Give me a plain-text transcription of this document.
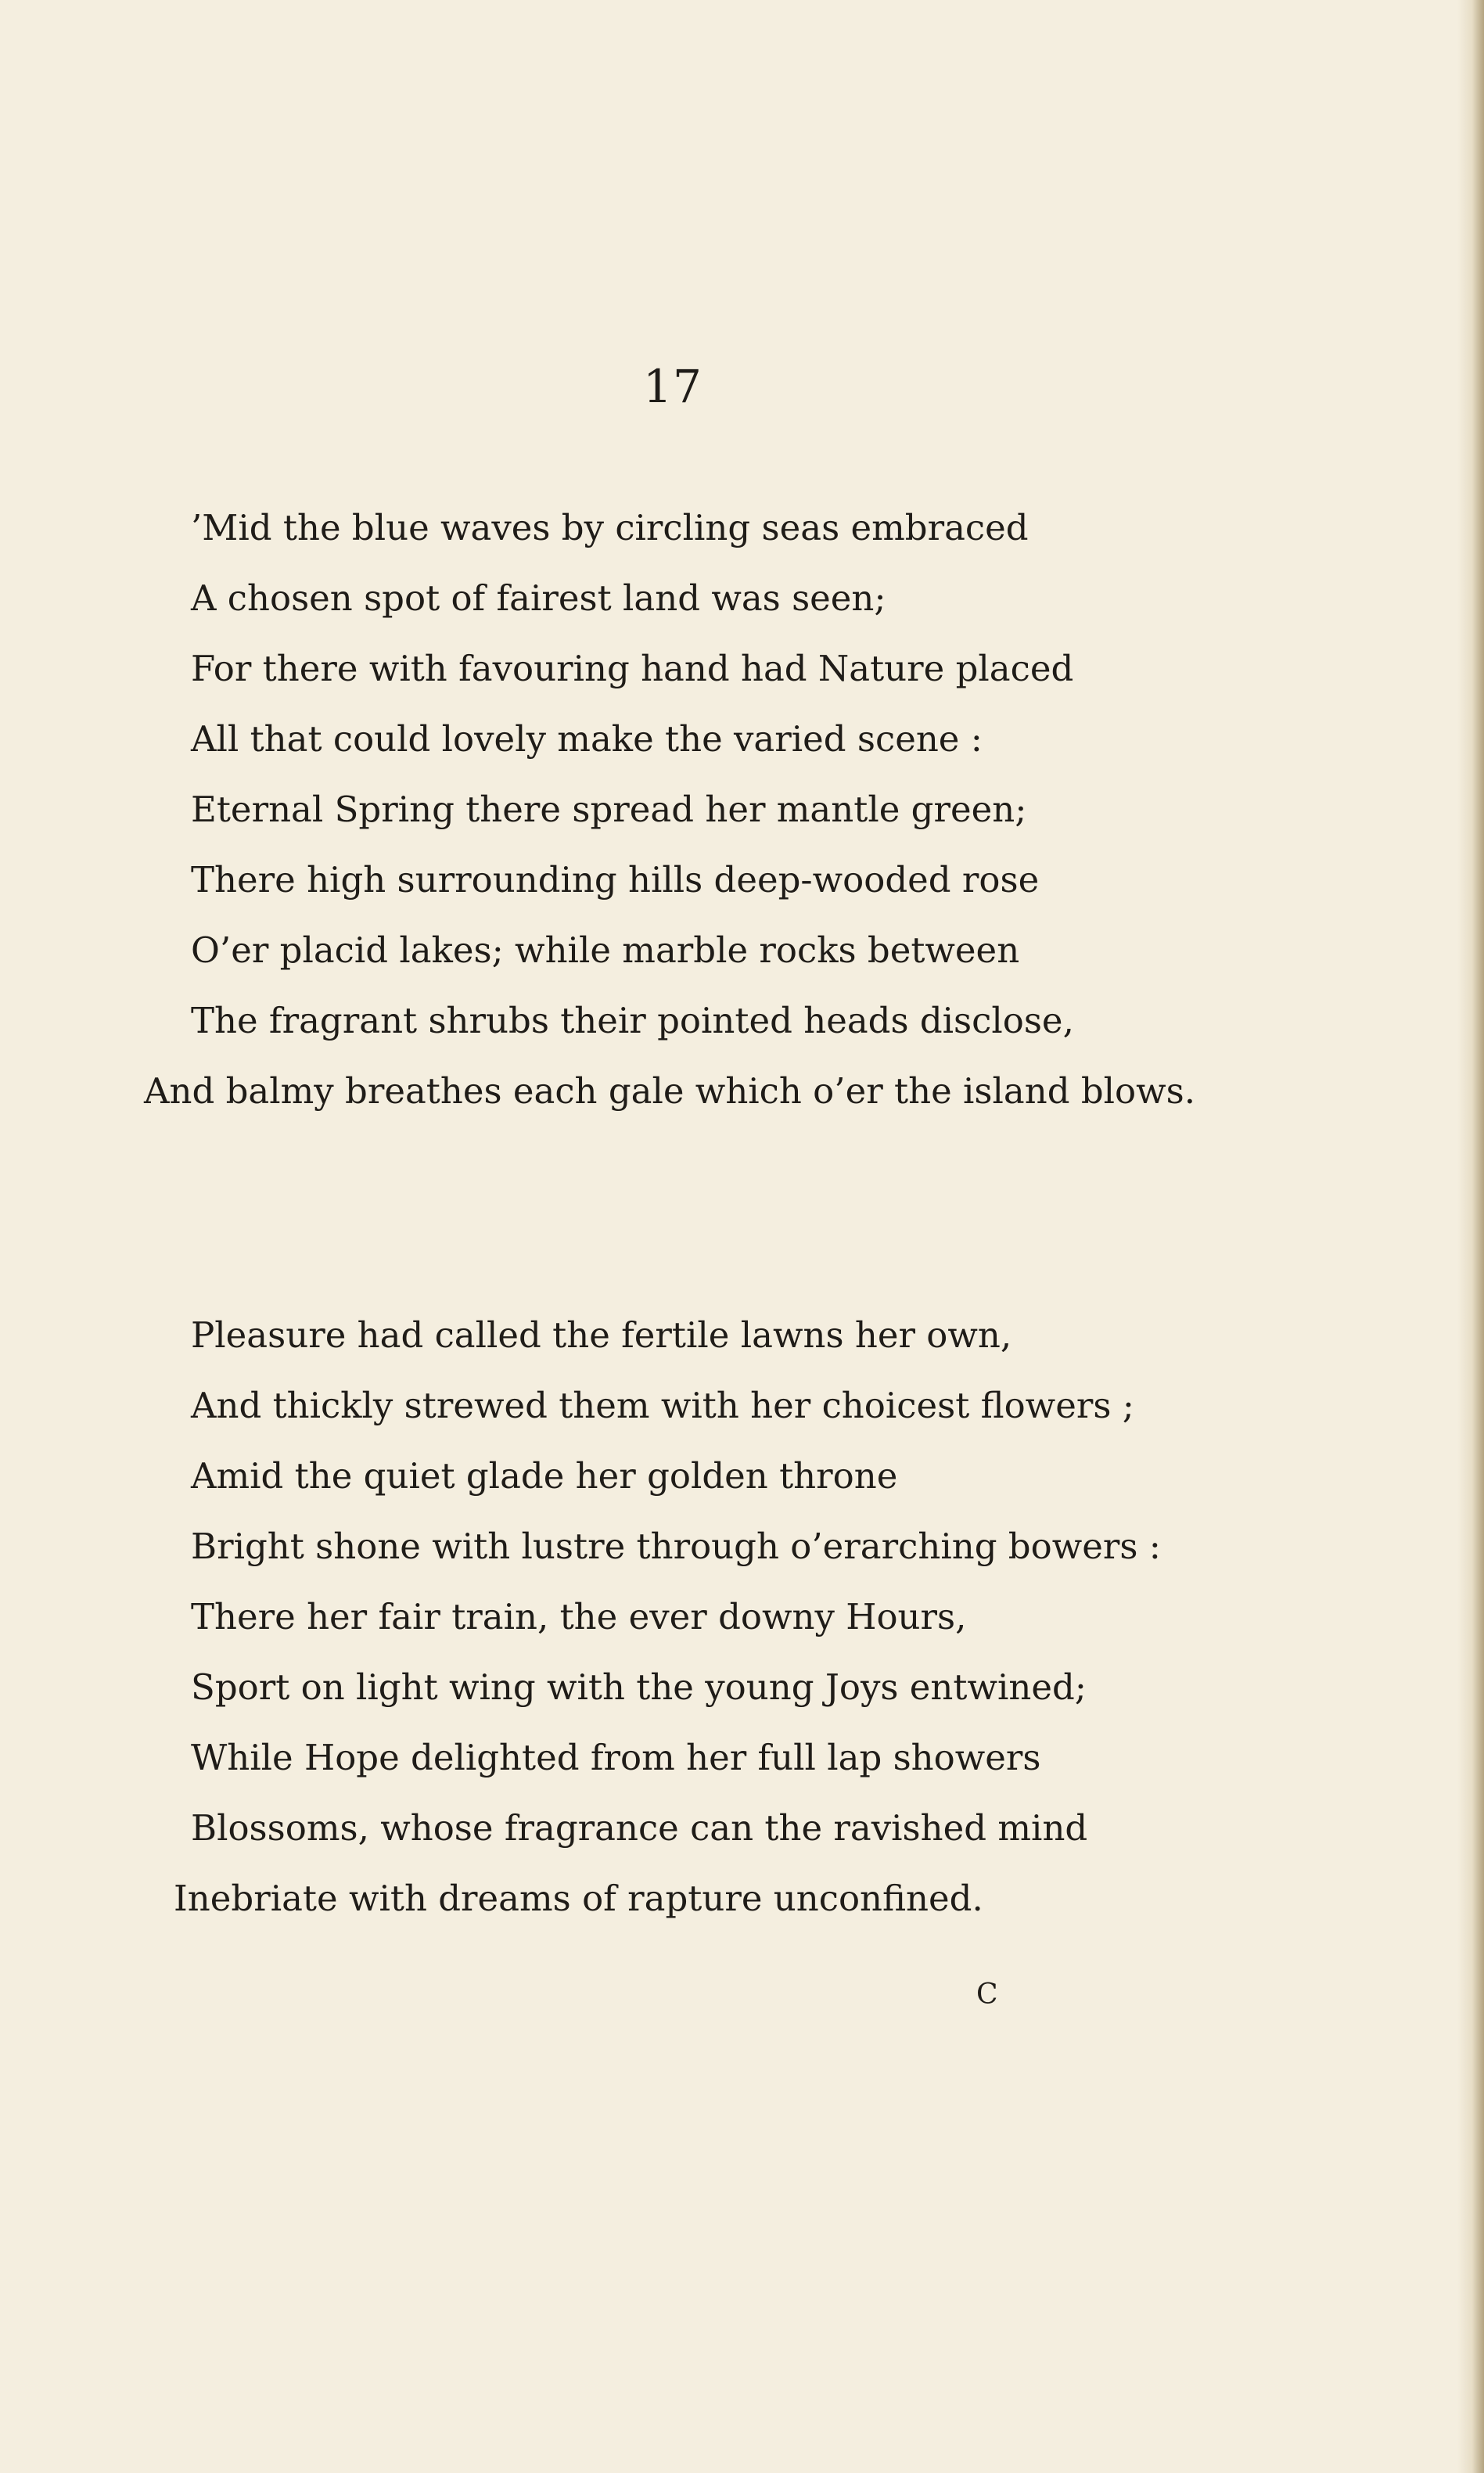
17
’Mid the blue waves by circling seas embraced
A chosen spot of fairest land was seen;
For there with favouring hand had Nature placed
All that could lovely make the varied scene :
Eternal Spring there spread her mantle green;
There high surrounding hills deep-wooded rose
O’er placid lakes; while marble rocks between
The fragrant shrubs their pointed heads disclose,
And balmy breathes each gale which o’er the island blows.
Pleasure had called the fertile lawns her own,
And thickly strewed them with her choicest flowers ;
Amid the quiet glade her golden throne
Bright shone with lustre through o’erarching bowers :
There her fair train, the ever downy Hours,
Sport on light wing with the young Joys entwined;
While Hope delighted from her full lap showers
Blossoms, whose fragrance can the ravished mind
Inebriate with dreams of rapture unconfined.
C
